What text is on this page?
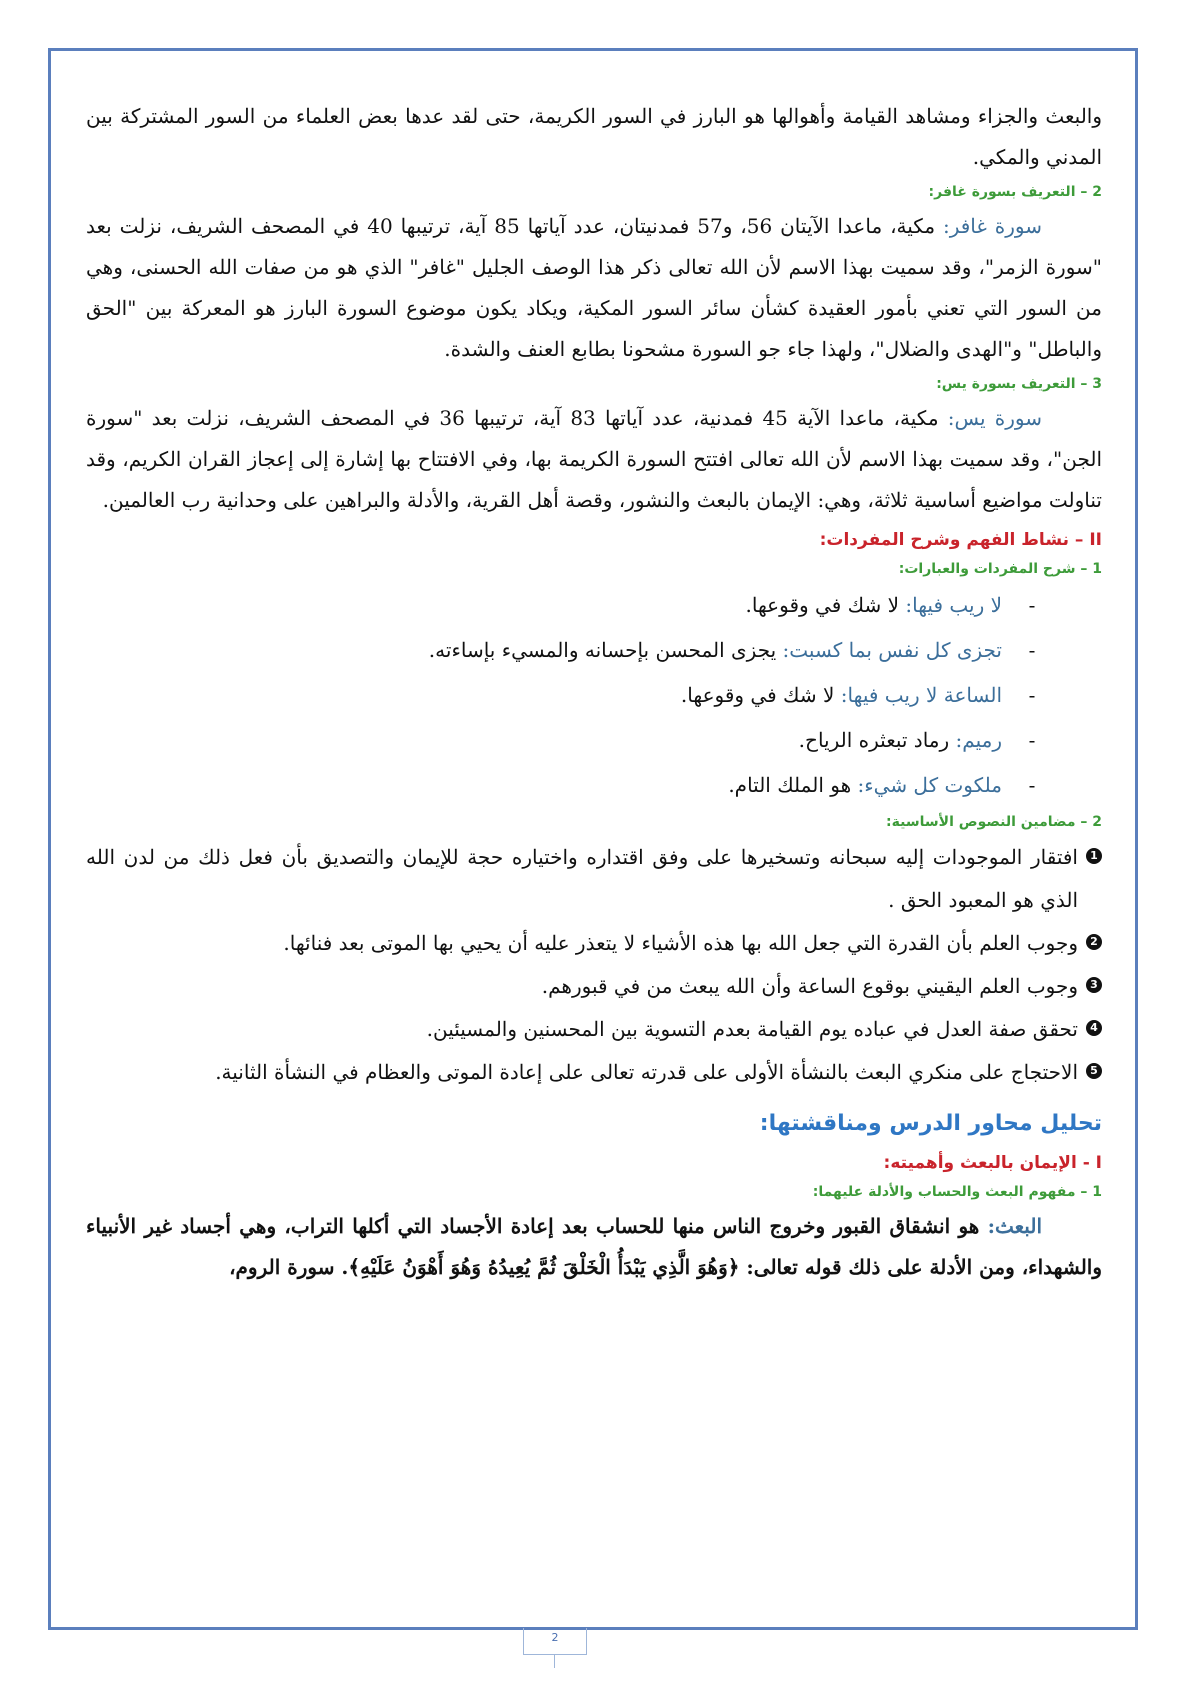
والبعث والجزاء ومشاهد القيامة وأهوالها هو البارز في السور الكريمة، حتى لقد عدها بعض العلماء من السور المشتركة بين المدني والمكي.

2 – التعريف بسورة غافر:

سورة غافر: مكية، ماعدا الآيتان 56، و57 فمدنيتان، عدد آياتها 85 آية، ترتيبها 40 في المصحف الشريف، نزلت بعد "سورة الزمر"، وقد سميت بهذا الاسم لأن الله تعالى ذكر هذا الوصف الجليل "غافر" الذي هو من صفات الله الحسنى، وهي من السور التي تعني بأمور العقيدة كشأن سائر السور المكية، ويكاد يكون موضوع السورة البارز هو المعركة بين "الحق والباطل" و"الهدى والضلال"، ولهذا جاء جو السورة مشحونا بطابع العنف والشدة.

3 – التعريف بسورة يس:

سورة يس: مكية، ماعدا الآية 45 فمدنية، عدد آياتها 83 آية، ترتيبها 36 في المصحف الشريف، نزلت بعد "سورة الجن"، وقد سميت بهذا الاسم لأن الله تعالى افتتح السورة الكريمة بها، وفي الافتتاح بها إشارة إلى إعجاز القران الكريم، وقد تناولت مواضيع أساسية ثلاثة، وهي: الإيمان بالبعث والنشور، وقصة أهل القرية، والأدلة والبراهين على وحدانية رب العالمين.

II – نشاط الفهم وشرح المفردات:

1 – شرح المفردات والعبارات:

-
لا ريب فيها: لا شك في وقوعها.
-
تجزى كل نفس بما كسبت: يجزى المحسن بإحسانه والمسيء بإساءته.
-
الساعة لا ريب فيها: لا شك في وقوعها.
-
رميم: رماد تبعثره الرياح.
-
ملكوت كل شيء: هو الملك التام.

2 – مضامين النصوص الأساسية:

1
افتقار الموجودات إليه سبحانه وتسخيرها على وفق اقتداره واختياره حجة للإيمان والتصديق بأن فعل ذلك من لدن الله الذي هو المعبود الحق .
2
وجوب العلم بأن القدرة التي جعل الله بها هذه الأشياء لا يتعذر عليه أن يحيي بها الموتى بعد فنائها.
3
وجوب العلم اليقيني بوقوع الساعة وأن الله يبعث من في قبورهم.
4
تحقق صفة العدل في عباده يوم القيامة بعدم التسوية بين المحسنين والمسيئين.
5
الاحتجاج على منكري البعث بالنشأة الأولى على قدرته تعالى على إعادة الموتى والعظام في النشأة الثانية.

تحليل محاور الدرس ومناقشتها:

I - الإيمان بالبعث وأهميته:

1 – مفهوم البعث والحساب والأدلة عليهما:

البعث: هو انشقاق القبور وخروج الناس منها للحساب بعد إعادة الأجساد التي أكلها التراب، وهي أجساد غير الأنبياء والشهداء، ومن الأدلة على ذلك قوله تعالى: ﴿وَهُوَ الَّذِي يَبْدَأُ الْخَلْقَ ثُمَّ يُعِيدُهُ وَهُوَ أَهْوَنُ عَلَيْهِ﴾. سورة الروم،

2
